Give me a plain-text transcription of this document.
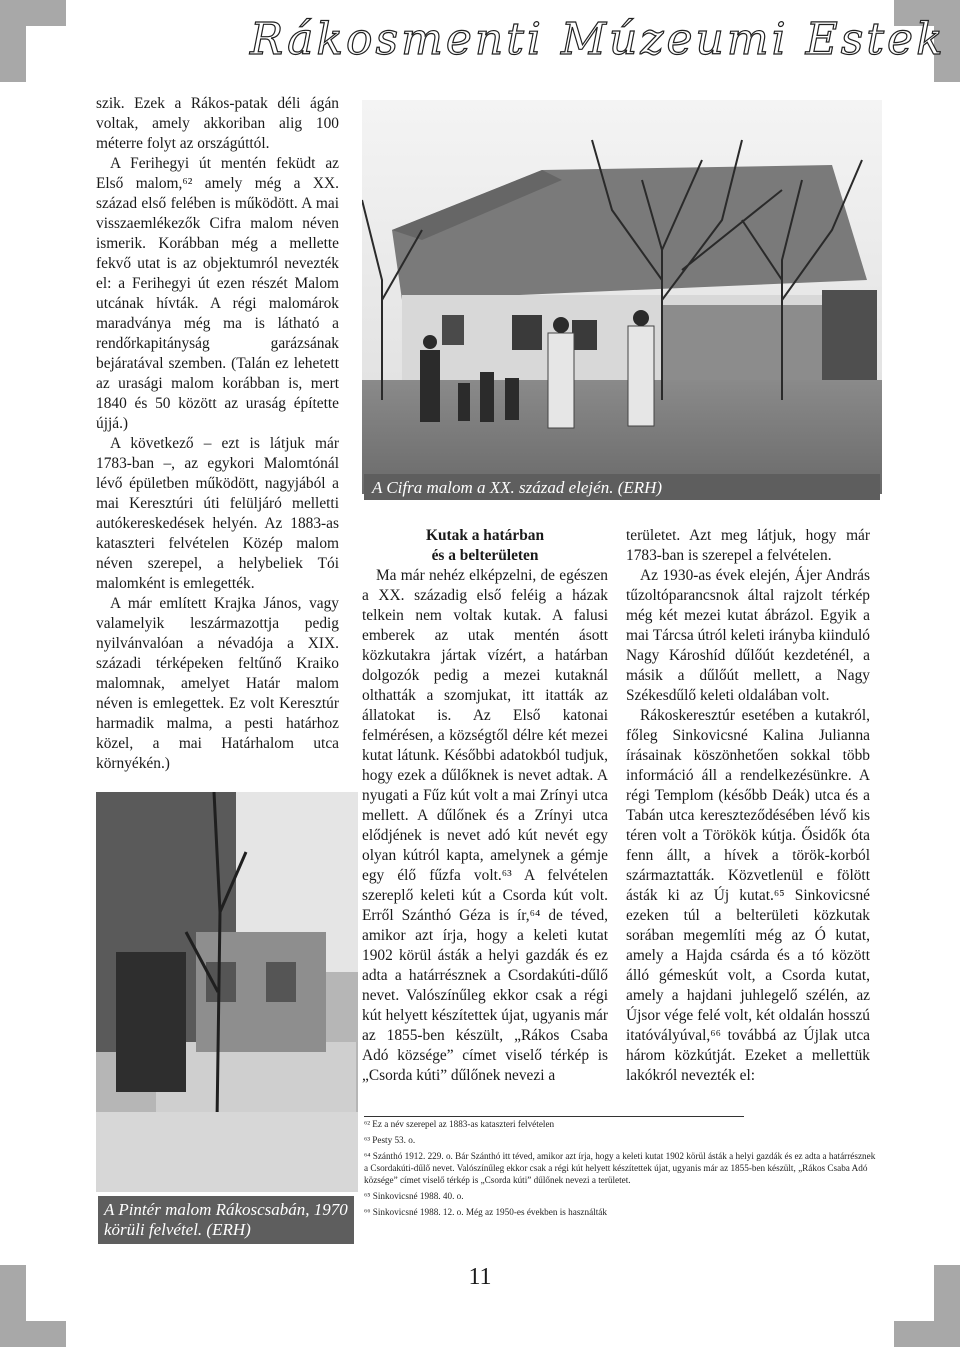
Rákosmenti Múzeumi Estek

szik. Ezek a Rákos-patak déli ágán voltak, amely akkoriban alig 100 méterre folyt az országúttól.

A Ferihegyi út mentén feküdt az Első malom,⁶² amely még a XX. század első felében is működött. A mai visszaemlékezők Cifra malom néven ismerik. Korábban még a mellette fekvő utat is az objektumról nevezték el: a Ferihegyi út ezen részét Malom utcának hívták. A régi malomárok maradványa még ma is látható a rendőrkapitányság garázsának bejáratával szemben. (Talán ez lehetett az urasági malom korábban is, mert 1840 és 50 között az uraság építette újjá.)

A következő – ezt is látjuk már 1783-ban –, az egykori Malomtónál lévő épületben működött, nagyjából a mai Keresztúri úti felüljáró melletti autókereskedések helyén. Az 1883-as kataszteri felvételen Közép malom néven szerepel, a helybeliek Tói malomként is emlegették.

A már említett Krajka János, vagy valamelyik leszármazottja pedig nyilvánvalóan a névadója a XIX. századi térképeken feltűnő Kraiko malomnak, amelyet Határ malom néven is emlegettek. Ez volt Keresztúr harmadik malma, a pesti határhoz közel, a mai Határhalom utca környékén.)

A Cifra malom a XX. század elején. (ERH)
Kutak a határban
és a belterületen

Ma már nehéz elképzelni, de egészen a XX. századig első feléig a házak telkein nem voltak kutak. A falusi emberek az utak mentén ásott közkutakra jártak vízért, a határban dolgozók pedig a mezei kutaknál olthatták a szomjukat, itt itatták az állatokat is. Az Első katonai felmérésen, a községtől délre két mezei kutat látunk. Későbbi adatokból tudjuk, hogy ezek a dűlőknek is nevet adtak. A nyugati a Fűz kút volt a mai Zrínyi utca mellett. A dűlőnek és a Zrínyi utca elődjének is nevet adó kút nevét egy olyan kútról kapta, amelynek a gémje egy élő fűzfa volt.⁶³ A felvételen szereplő keleti kút a Csorda kút volt. Erről Szánthó Géza is ír,⁶⁴ de téved, amikor azt írja, hogy a keleti kutat 1902 körül ásták a helyi gazdák és ez adta a határrésznek a Csordakúti-dűlő nevet. Valószínűleg ekkor csak a régi kút helyett készítettek újat, ugyanis már az 1855-ben készült, „Rákos Csaba Adó községe” címet viselő térkép is „Csorda kúti” dűlőnek nevezi a

területet. Azt meg látjuk, hogy már 1783-ban is szerepel a felvételen.

Az 1930-as évek elején, Ájer András tűzoltóparancsnok által rajzolt térkép még két mezei kutat ábrázol. Egyik a mai Tárcsa útról keleti irányba kiinduló Nagy Károshíd dűlőút kezdeténél, a másik a dűlőút mellett, a Nagy Székesdűlő keleti oldalában volt.

Rákoskeresztúr esetében a kutakról, főleg Sinkovicsné Kalina Julianna írásainak köszönhetően sokkal több információ áll a rendelkezésünkre. A régi Templom (később Deák) utca és a Tabán utca kereszteződésében lévő kis téren volt a Törökök kútja. Ősidők óta fenn állt, a hívek a török-korból származtatták. Közvetlenül e fölött ásták ki az Új kutat.⁶⁵ Sinkovicsné ezeken túl a belterületi közkutak sorában megemlíti még az Ó kutat, amely a Hajda csárda és a tó között álló gémeskút volt, a Csorda kutat, amely a hajdani juhlegelő szélén, az Újsor vége felé volt, két oldalán hosszú itatóvályúval,⁶⁶ továbbá az Újlak utca három közkútját. Ezeket a mellettük lakókról nevezték el:

A Pintér malom Rákoscsabán, 1970 körüli felvétel. (ERH)

⁶² Ez a név szerepel az 1883-as kataszteri felvételen

⁶³ Pesty 53. o.

⁶⁴ Szánthó 1912. 229. o. Bár Szánthó itt téved, amikor azt írja, hogy a keleti kutat 1902 körül ásták a helyi gazdák és ez adta a határrésznek a Csordakúti-dűlő nevet. Valószínűleg ekkor csak a régi kút helyett készítettek újat, ugyanis már az 1855-ben készült, „Rákos Csaba Adó községe” címet viselő térkép is „Csorda kúti” dűlőnek nevezi a területet.

⁶⁵ Sinkovicsné 1988. 40. o.

⁶⁶ Sinkovicsné 1988. 12. o. Még az 1950-es években is használták

11
